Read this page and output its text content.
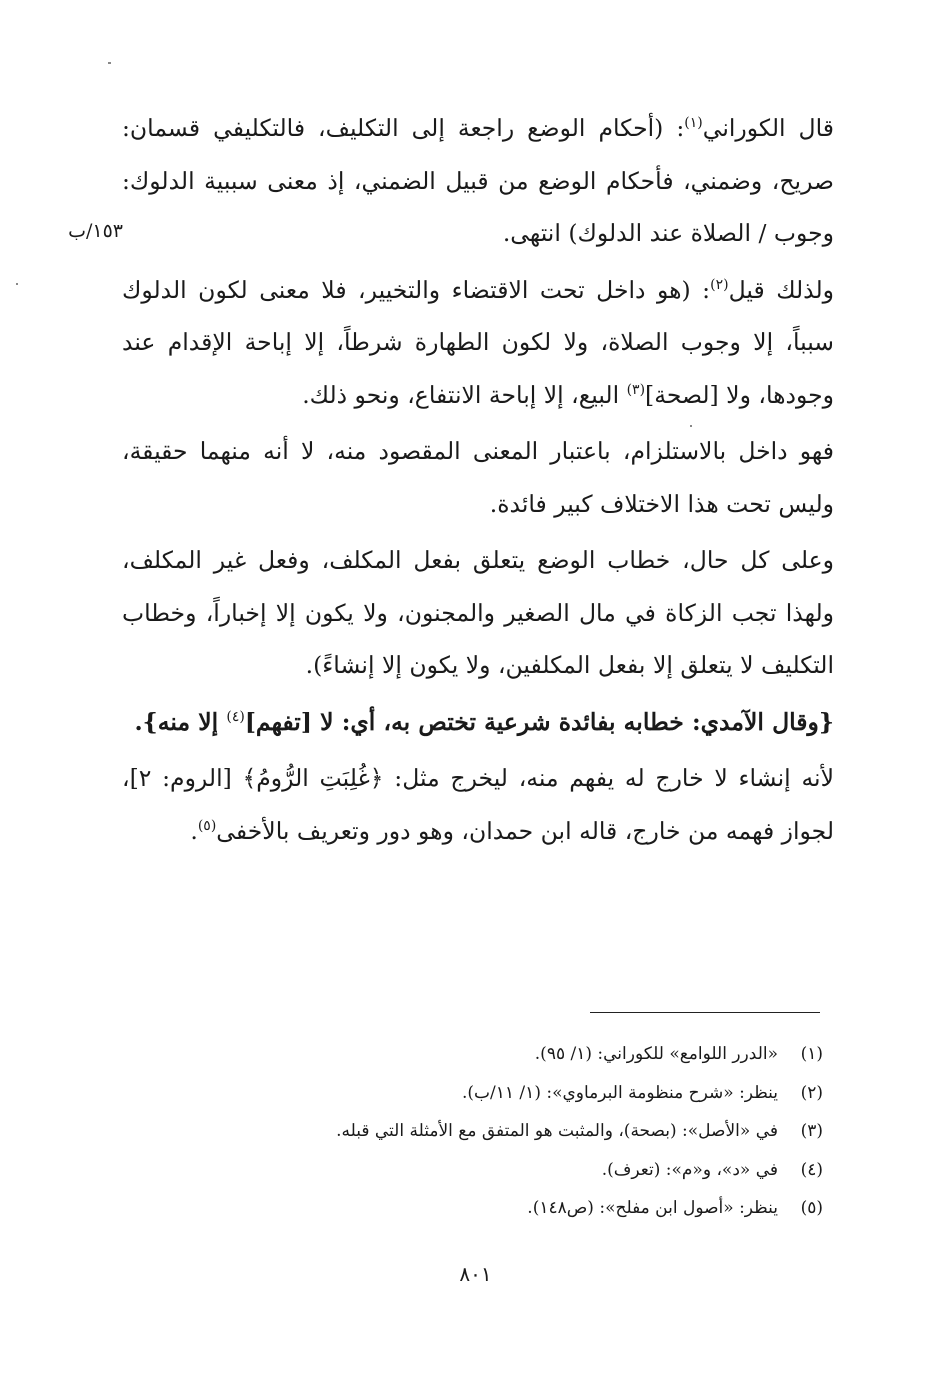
قال الكوراني$^{(١)}$: (أحكام الوضع راجعة إلى التكليف، فالتكليفي قسمان: صريح، وضمني، فأحكام الوضع من قبيل الضمني، إذ معنى سببية الدلوك: وجوب / الصلاة عند الدلوك) انتهى.

ولذلك قيل$^{(٢)}$: (هو داخل تحت الاقتضاء والتخيير، فلا معنى لكون الدلوك سبباً، إلا وجوب الصلاة، ولا لكون الطهارة شرطاً، إلا إباحة الإقدام عند وجودها، ولا [لصحة]$^{(٣)}$ البيع، إلا إباحة الانتفاع، ونحو ذلك.

فهو داخل بالاستلزام، باعتبار المعنى المقصود منه، لا أنه منهما حقيقة، وليس تحت هذا الاختلاف كبير فائدة.

وعلى كل حال، خطاب الوضع يتعلق بفعل المكلف، وفعل غير المكلف، ولهذا تجب الزكاة في مال الصغير والمجنون، ولا يكون إلا إخباراً، وخطاب التكليف لا يتعلق إلا بفعل المكلفين، ولا يكون إلا إنشاءً).

{وقال الآمدي: خطابه بفائدة شرعية تختص به، أي: لا [تفهم]$^{(٤)}$ إلا منه}.

لأنه إنشاء لا خارج له يفهم منه، ليخرج مثل: ﴿غُلِبَتِ الرُّومُ﴾ [الروم: ٢]، لجواز فهمه من خارج، قاله ابن حمدان، وهو دور وتعريف بالأخفى$^{(٥)}$.

١٥٣/ب
(١)
«الدرر اللوامع» للكوراني: (١/ ٩٥).
(٢)
ينظر: «شرح منظومة البرماوي»: (١/ ١١/ب).
(٣)
في «الأصل»: (بصحة)، والمثبت هو المتفق مع الأمثلة التي قبله.
(٤)
في «د»، و«م»: (تعرف).
(٥)
ينظر: «أصول ابن مفلح»: (ص١٤٨).
٨٠١
